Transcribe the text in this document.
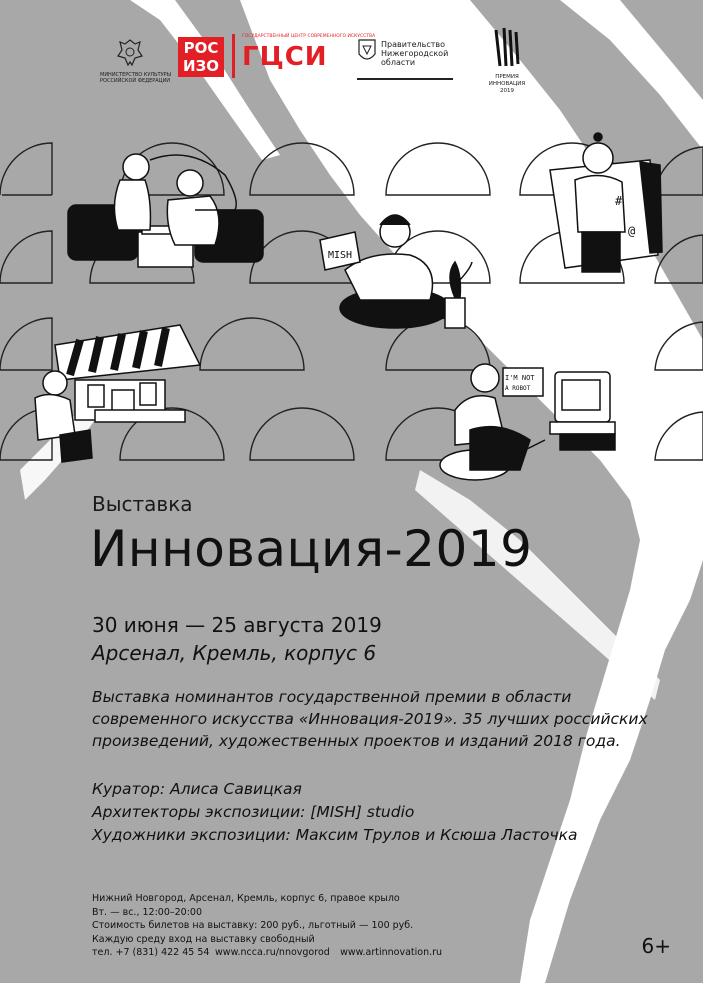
MISH
#
@
I'M NOT
A ROBOT
МИНИСТЕРСТВО КУЛЬТУРЫ
РОССИЙСКОЙ ФЕДЕРАЦИИ
РОС
ИЗО
ГОСУДАРСТВЕННЫЙ ЦЕНТР СОВРЕМЕННОГО ИСКУССТВА
ГЦСИ	Правительство
Нижегородской
области
ПРЕМИЯ
ИННОВАЦИЯ
2019
Выставка
Инновация-2019
30 июня — 25 августа 2019
Арсенал, Кремль, корпус 6
Выставка номинантов государственной премии в области современного искусства «Инновация-2019». 35 лучших российских произведений, художественных проектов и изданий 2018 года.
Куратор: Алиса Савицкая
Архитекторы экспозиции: [MISH] studio
Художники экспозиции: Максим Трулов и Ксюша Ласточка
Нижний Новгород, Арсенал, Кремль, корпус 6, правое крыло
Вт. — вс., 12:00–20:00
Стоимость билетов на выставку: 200 руб., льготный — 100 руб.
Каждую среду вход на выставку свободный
тел. +7 (831) 422 45 54 www.ncca.ru/nnovgorod www.artinnovation.ru	6+
